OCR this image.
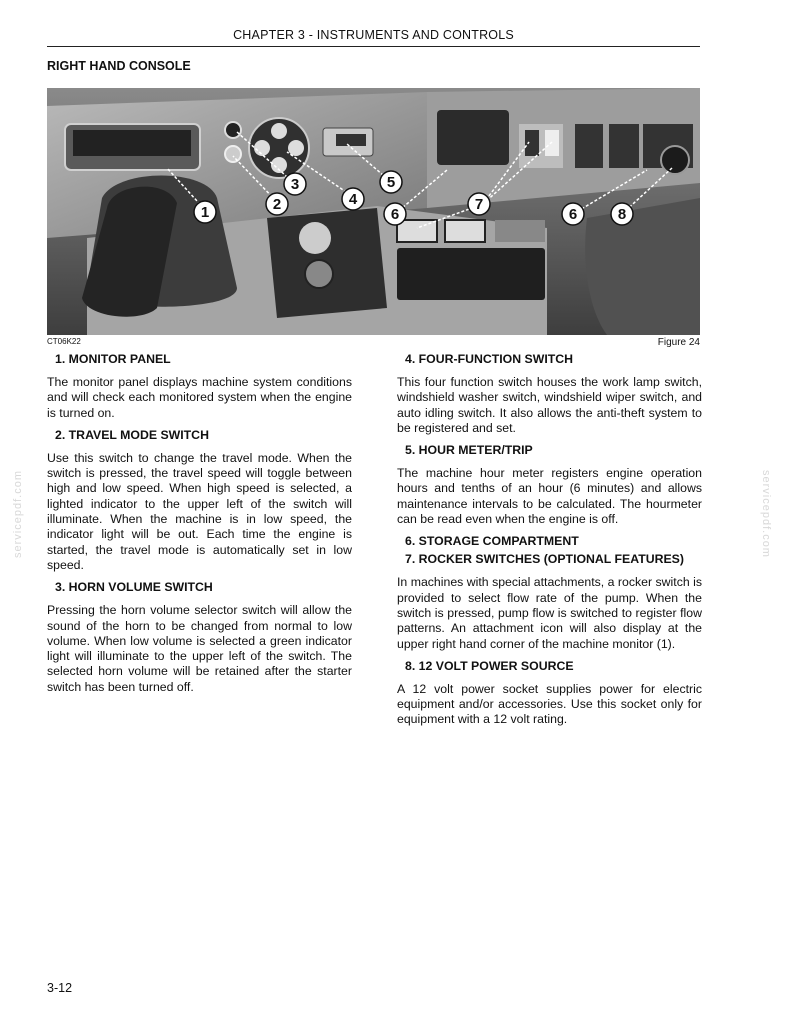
CHAPTER 3 - INSTRUMENTS AND CONTROLS
RIGHT HAND CONSOLE
1	2
3
4
5
6
7
6	8
CT06K22	Figure 24
1. MONITOR PANEL

The monitor panel displays machine system conditions and will check each monitored system when the engine is turned on.

2. TRAVEL MODE SWITCH

Use this switch to change the travel mode. When the switch is pressed, the travel speed will toggle between high and low speed. When high speed is selected, a lighted indicator to the upper left of the switch will illuminate. When the machine is in low speed, the indicator light will be out. Each time the engine is started, the travel mode is automatically set in low speed.

3. HORN VOLUME SWITCH

Pressing the horn volume selector switch will allow the sound of the horn to be changed from normal to low volume. When low volume is selected a green indicator light will illuminate to the upper left of the switch. The selected horn volume will be retained after the starter switch has been turned off.

4. FOUR-FUNCTION SWITCH

This four function switch houses the work lamp switch, windshield washer switch, windshield wiper switch, and auto idling switch. It also allows the anti-theft system to be registered and set.

5. HOUR METER/TRIP

The machine hour meter registers engine operation hours and tenths of an hour (6 minutes) and allows maintenance intervals to be calculated. The hourmeter can be read even when the engine is off.

6. STORAGE COMPARTMENT
7. ROCKER SWITCHES (OPTIONAL FEATURES)

In machines with special attachments, a rocker switch is provided to select flow rate of the pump. When the switch is pressed, pump flow is switched to register flow patterns. An attachment icon will also display at the upper right hand corner of the machine monitor (1).

8. 12 VOLT POWER SOURCE

A 12 volt power socket supplies power for electric equipment and/or accessories. Use this socket only for equipment with a 12 volt rating.

servicepdf.com	servicepdf.com
3-12
